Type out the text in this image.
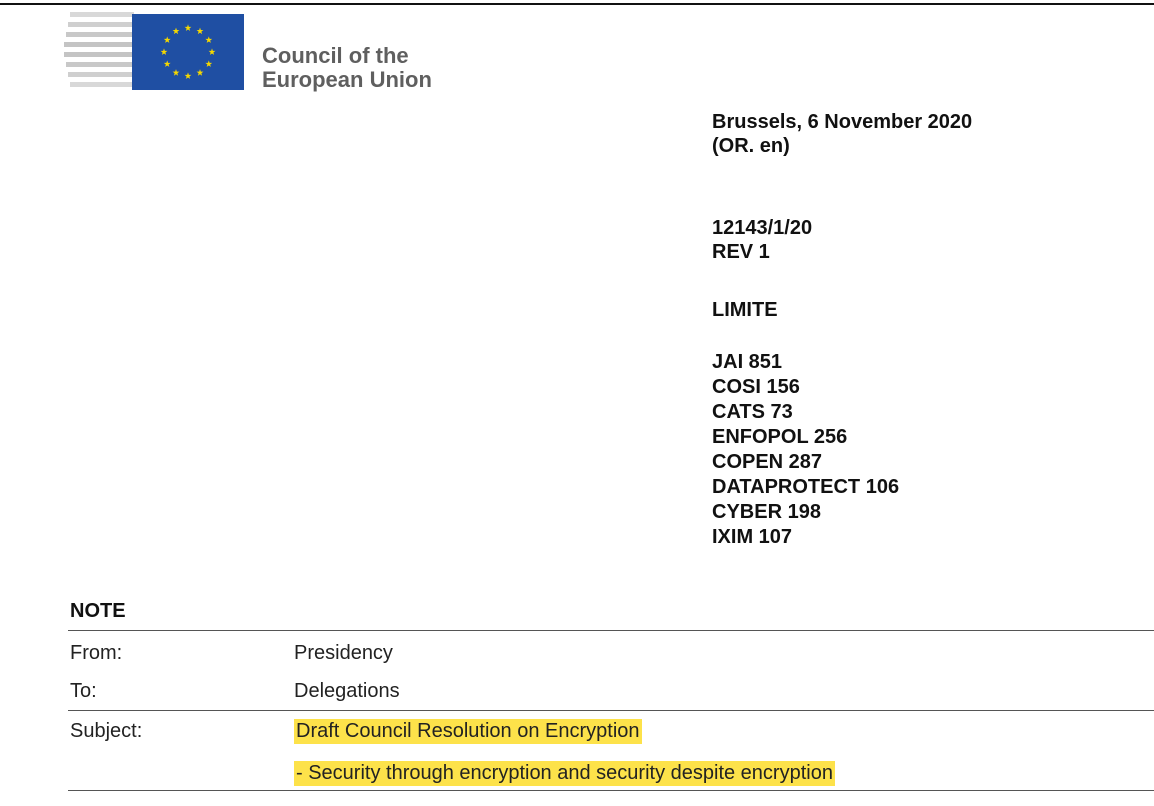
Council of the
European Union
Brussels, 6 November 2020
(OR. en)
12143/1/20
REV 1
LIMITE
JAI 851
COSI 156
CATS 73
ENFOPOL 256
COPEN 287
DATAPROTECT 106
CYBER 198
IXIM 107
NOTE
From:	Presidency
To:	Delegations
Subject:	Draft Council Resolution on Encryption
- Security through encryption and security despite encryption
